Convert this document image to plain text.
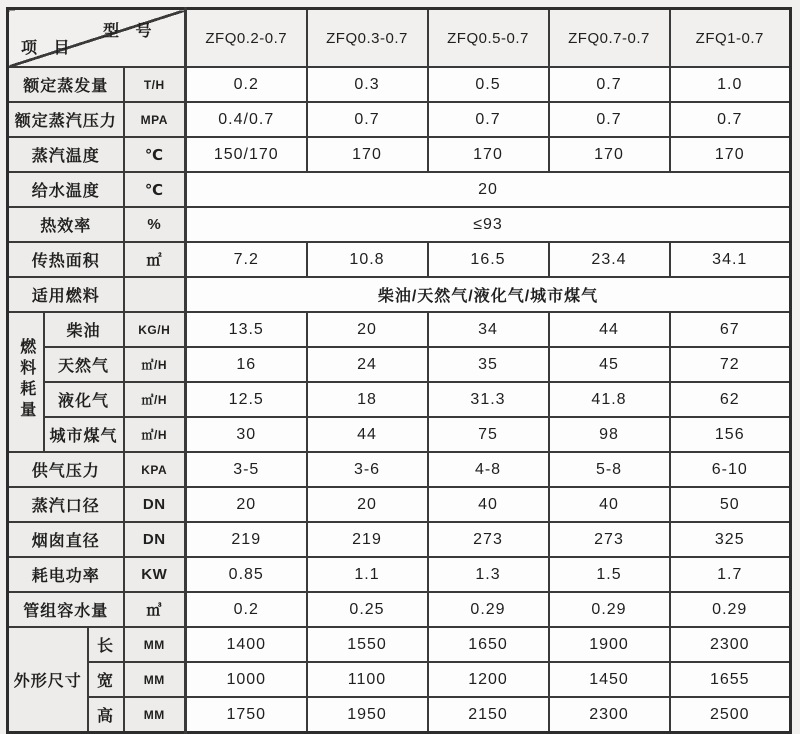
型 号
项 目				ZFQ0.2-0.7	ZFQ0.3-0.7	ZFQ0.5-0.7	ZFQ0.7-0.7	ZFQ1-0.7
额定蒸发量			T/H	0.2	0.3	0.5	0.7	1.0
额定蒸汽压力			MPA	0.4/0.7	0.7	0.7	0.7	0.7
蒸汽温度			℃	150/170	170	170	170	170
给水温度			℃	20				
热效率			%	≤93				
传热面积			㎡	7.2	10.8	16.5	23.4	34.1
适用燃料				柴油/天然气/液化气/城市煤气				
燃料耗量	柴油		KG/H	13.5	20	34	44	67
	天然气		㎥/H	16	24	35	45	72
	液化气		㎥/H	12.5	18	31.3	41.8	62
	城市煤气		㎥/H	30	44	75	98	156
供气压力			KPA	3-5	3-6	4-8	5-8	6-10
蒸汽口径			DN	20	20	40	40	50
烟囱直径			DN	219	219	273	273	325
耗电功率			KW	0.85	1.1	1.3	1.5	1.7
管组容水量			㎥	0.2	0.25	0.29	0.29	0.29
外形尺寸		长	MM	1400	1550	1650	1900	2300
		宽	MM	1000	1100	1200	1450	1655
		高	MM	1750	1950	2150	2300	2500
